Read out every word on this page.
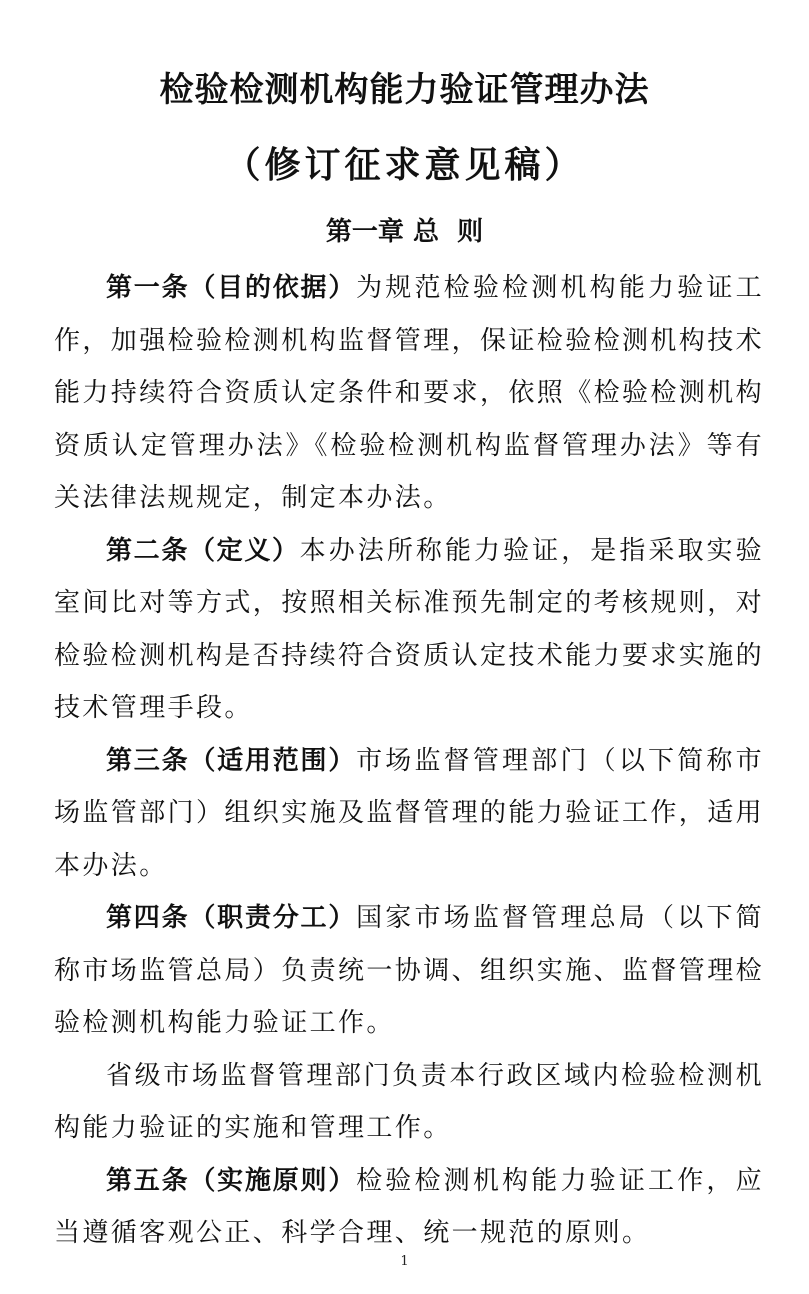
检验检测机构能力验证管理办法
（修订征求意见稿）
第一章 总  则

第一条（目的依据）为规范检验检测机构能力验证工作，加强检验检测机构监督管理，保证检验检测机构技术能力持续符合资质认定条件和要求，依照《检验检测机构资质认定管理办法》《检验检测机构监督管理办法》等有关法律法规规定，制定本办法。

第二条（定义）本办法所称能力验证，是指采取实验室间比对等方式，按照相关标准预先制定的考核规则，对检验检测机构是否持续符合资质认定技术能力要求实施的技术管理手段。

第三条（适用范围）市场监督管理部门（以下简称市场监管部门）组织实施及监督管理的能力验证工作，适用本办法。

第四条（职责分工）国家市场监督管理总局（以下简称市场监管总局）负责统一协调、组织实施、监督管理检验检测机构能力验证工作。

省级市场监督管理部门负责本行政区域内检验检测机构能力验证的实施和管理工作。

第五条（实施原则）检验检测机构能力验证工作，应当遵循客观公正、科学合理、统一规范的原则。

1
